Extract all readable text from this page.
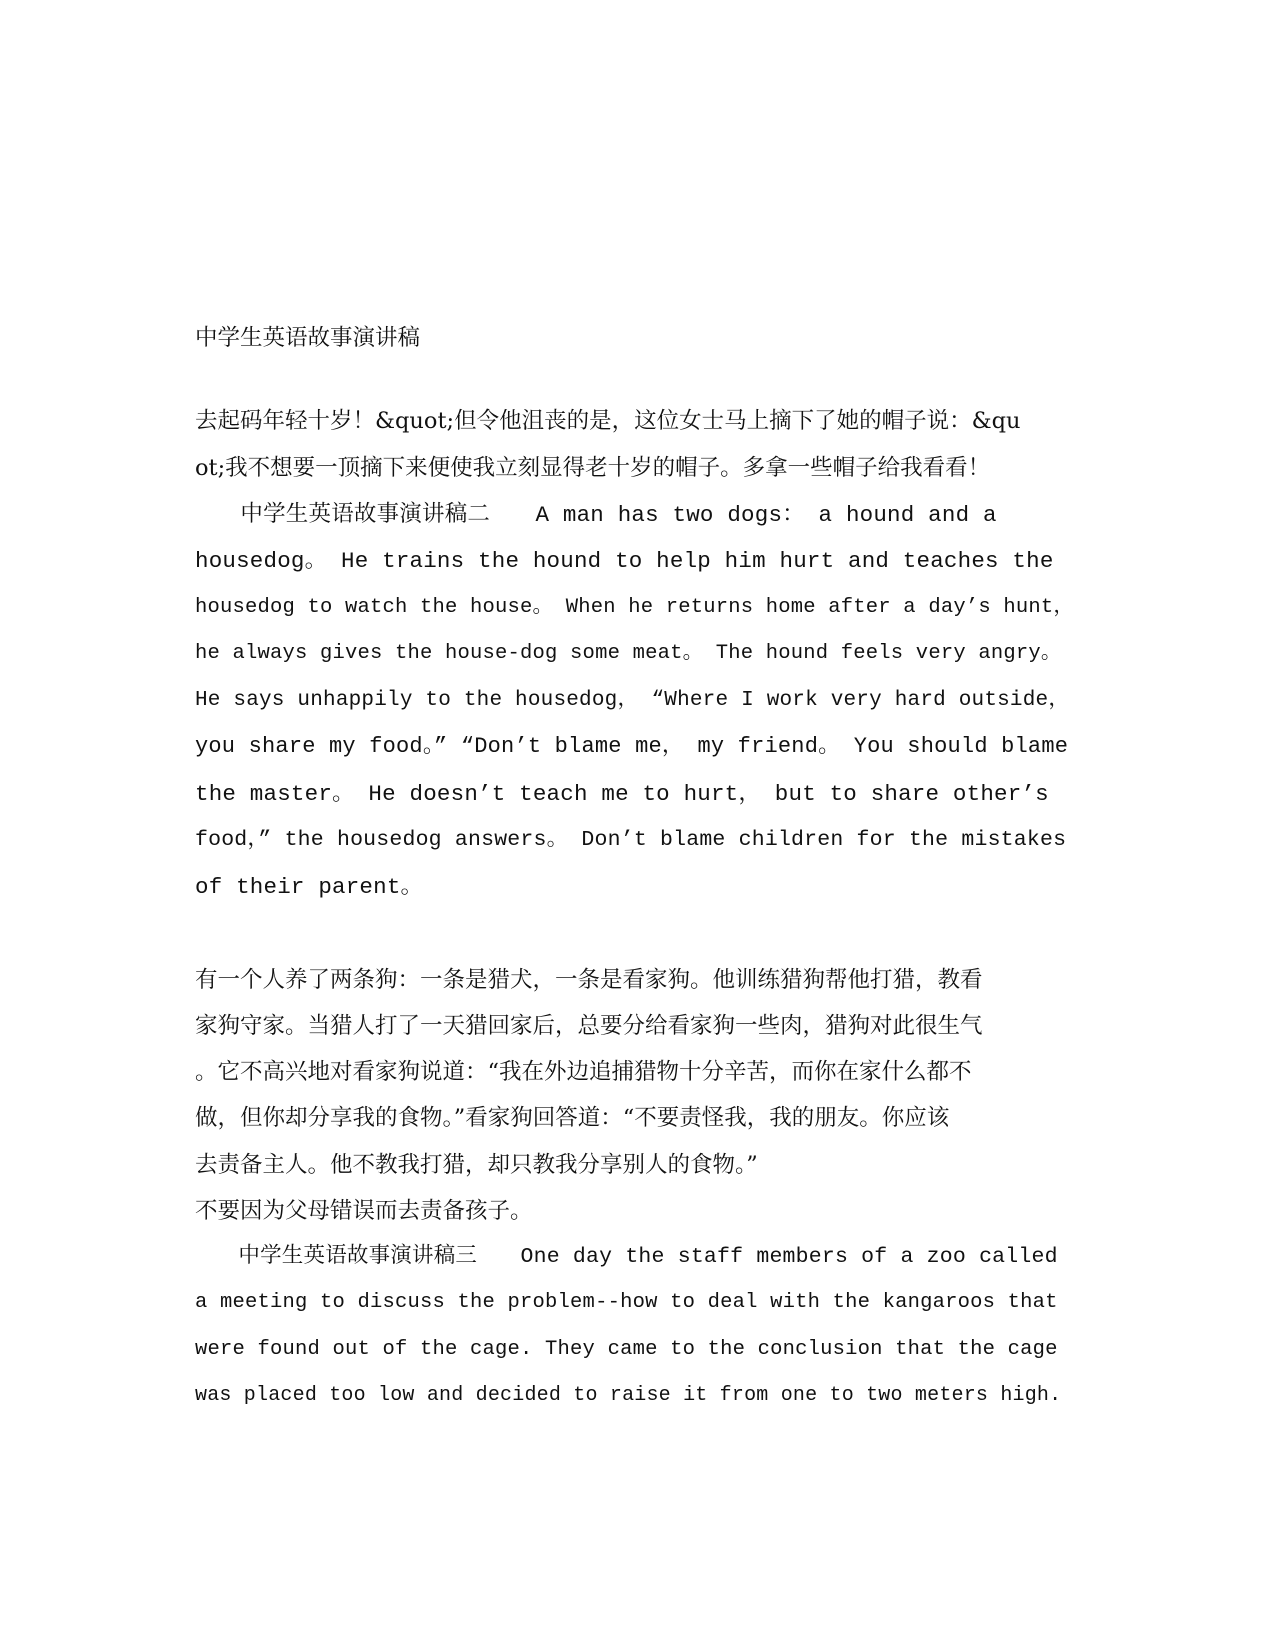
中学生英语故事演讲稿
去起码年轻十岁！&quot;但令他沮丧的是，这位女士马上摘下了她的帽子说：&qu
ot;我不想要一顶摘下来便使我立刻显得老十岁的帽子。多拿一些帽子给我看看！
　　中学生英语故事演讲稿二　　A man has two dogs： a hound and a
housedog。 He trains the hound to help him hurt and teaches the
housedog to watch the house。 When he returns home after a day’s hunt，
he always gives the house-dog some meat。 The hound feels very angry。
He says unhappily to the housedog， “Where I work very hard outside，
you share my food。” “Don’t blame me， my friend。 You should blame
the master。 He doesn’t teach me to hurt， but to share other’s
food，” the housedog answers。 Don’t blame children for the mistakes
of their parent。
有一个人养了两条狗：一条是猎犬，一条是看家狗。他训练猎狗帮他打猎，教看
家狗守家。当猎人打了一天猎回家后，总要分给看家狗一些肉，猎狗对此很生气
。它不高兴地对看家狗说道：“我在外边追捕猎物十分辛苦，而你在家什么都不
做，但你却分享我的食物。”看家狗回答道：“不要责怪我，我的朋友。你应该
去责备主人。他不教我打猎，却只教我分享别人的食物。”
不要因为父母错误而去责备孩子。
　　中学生英语故事演讲稿三　　One day the staff members of a zoo called
a meeting to discuss the problem--how to deal with the kangaroos that
were found out of the cage. They came to the conclusion that the cage
was placed too low and decided to raise it from one to two meters high.
